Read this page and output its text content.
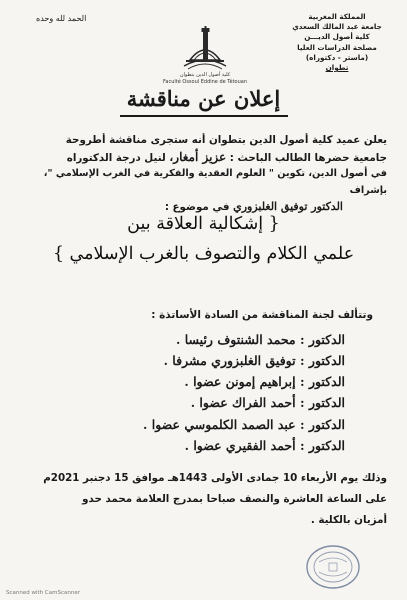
المملكة المغربية
جامعة عبد المالك السعدي
كلية أصول الديـــن
مصلحة الدراسات العليا
(ماستر - دكتوراه)
تطوان
الحمد لله وحده
كلية أصول الدين بتطوان
Faculté Ossoul Eddine de Tétouan
إعلان عن مناقشة
يعلن عميد كلية أصول الدين بتطوان أنه ستجرى مناقشة أطروحة
جامعية حضرها الطالب الباحث : عزيز أمغار، لنيل درجة الدكتوراه
في أصول الدين، تكوين " العلوم العقدية والفكرية في الغرب الإسلامي "، بإشراف
الدكتور توفيق الغلبزوري في موضوع :
{ إشكالية العلاقة بين
علمي الكلام والتصوف بالغرب الإسلامي }
وتتألف لجنة المناقشة من السادة الأساتذة :
الدكتور : محمد الشنتوف رئيسا .
الدكتور : توفيق الغلبزوري مشرفا .
الدكتور : إبراهيم إمونن عضوا .
الدكتور : أحمد الفراك عضوا .
الدكتور : عبد الصمد الكلموسي عضوا .
الدكتور : أحمد الفقيري عضوا .
وذلك يوم الأربعاء 10 جمادى الأولى 1443هـ موافق 15 دجنبر 2021م
على الساعة العاشرة والنصف صباحا بمدرج العلامة محمد حدو
أمزيان بالكلية .
Scanned with CamScanner
